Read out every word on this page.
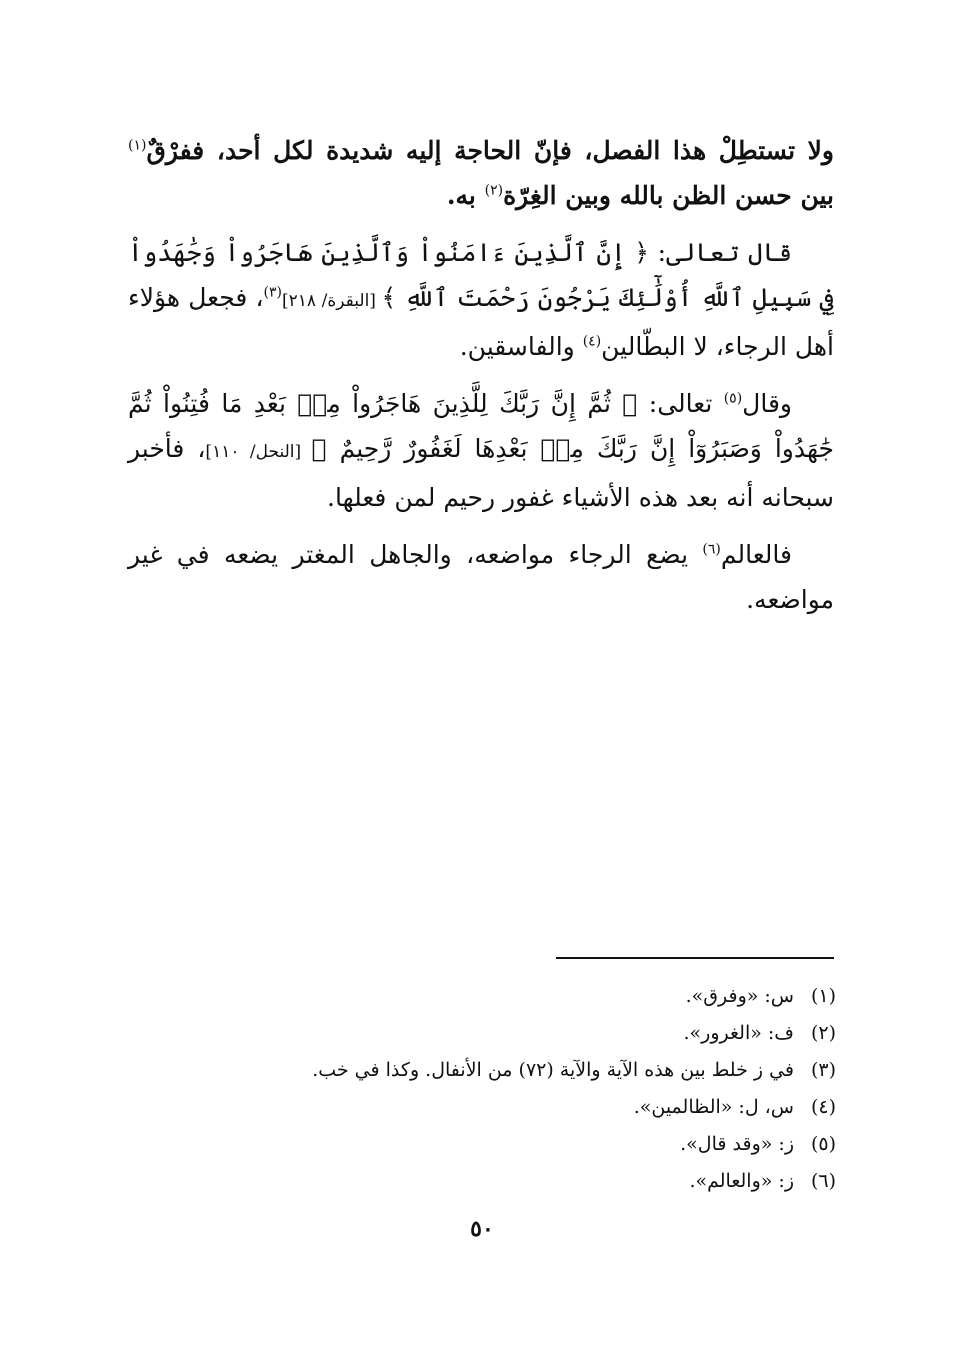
ولا تستطِلْ هذا الفصل، فإنّ الحاجة إليه شديدة لكل أحد، ففرْقٌ$^{(١)}$ بين حسن الظن بالله وبين الغِرّة$^{(٢)}$ به.

قال تعالى: ﴿ إِنَّ ٱلَّذِينَ ءَامَنُواْ وَٱلَّذِينَ هَاجَرُواْ وَجَٰهَدُواْ فِي سَبِيلِ ٱللَّهِ أُوْلَٰٓئِكَ يَرْجُونَ رَحْمَتَ ٱللَّهِ ﴾ [البقرة/ ٢١٨]$^{(٣)}$، فجعل هؤلاء أهل الرجاء، لا البطّالين$^{(٤)}$ والفاسقين.

وقال$^{(٥)}$ تعالى: ﴿ ثُمَّ إِنَّ رَبَّكَ لِلَّذِينَ هَاجَرُواْ مِنۢ بَعْدِ مَا فُتِنُواْ ثُمَّ جَٰهَدُواْ وَصَبَرُوٓاْ إِنَّ رَبَّكَ مِنۢ بَعْدِهَا لَغَفُورٌ رَّحِيمٌ ﴾ [النحل/ ١١٠]، فأخبر سبحانه أنه بعد هذه الأشياء غفور رحيم لمن فعلها.

فالعالم$^{(٦)}$ يضع الرجاء مواضعه، والجاهل المغتر يضعه في غير مواضعه.

(١)
س: «وفرق».
(٢)
ف: «الغرور».
(٣)
في ز خلط بين هذه الآية والآية (٧٢) من الأنفال. وكذا في خب.
(٤)
س، ل: «الظالمين».
(٥)
ز: «وقد قال».
(٦)
ز: «والعالم».
٥٠
